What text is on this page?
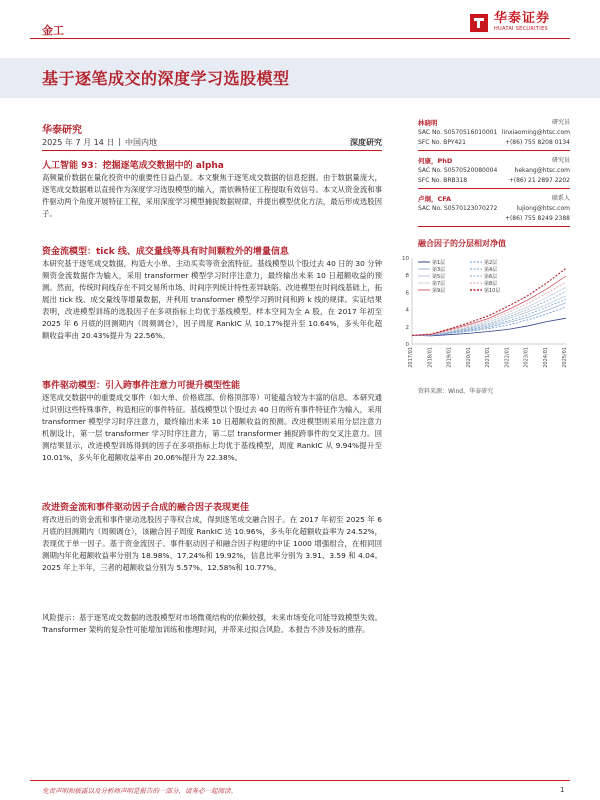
金工
华泰证券
HUATAI SECURITIES
基于逐笔成交的深度学习选股模型
华泰研究
2025 年 7 月 14 日 | 中国内地	深度研究
人工智能 93：挖掘逐笔成交数据中的 alpha
高频量价数据在量化投资中的重要性日益凸显。本文聚焦于逐笔成交数据的信息挖掘。由于数据量庞大，逐笔成交数据难以直接作为深度学习选股模型的输入，需依赖特征工程提取有效信号。本文从资金流和事件驱动两个角度开展特征工程，采用深度学习模型捕捉数据规律，并提出模型优化方法，最后形成选股因子。
资金流模型：tick 线、成交量线等具有时间颗粒外的增量信息
本研究基于逐笔成交数据，构造大小单、主动买卖等资金流特征。基线模型以个股过去 40 日的 30 分钟频资金流数据作为输入，采用 transformer 模型学习时序注意力，最终输出未来 10 日超额收益的预测。然而，传统时间线存在不同交易所市场、时间序列统计特性差异缺陷。改进模型在时间线基础上，拓展出 tick 线、成交量线等增量数据，并利用 transformer 模型学习跨时间和跨 k 线的规律。实证结果表明，改进模型训练的选股因子在多项指标上均优于基线模型。样本空间为全 A 股，在 2017 年初至 2025 年 6 月底的回测期内（周频调仓），因子周度 RankIC 从 10.17%提升至 10.64%，多头年化超额收益率由 20.43%提升为 22.56%。
事件驱动模型：引入跨事件注意力可提升模型性能
逐笔成交数据中的重要成交事件（如大单、价格底部、价格顶部等）可能蕴含较为丰富的信息。本研究通过识别这些特殊事件，构造相应的事件特征。基线模型以个股过去 40 日的所有事件特征作为输入，采用 transformer 模型学习时序注意力，最终输出未来 10 日超额收益的预测。改进模型则采用分层注意力机制设计，第一层 transformer 学习时序注意力，第二层 transformer 捕捉跨事件的交叉注意力。回测结果显示，改进模型训练得到的因子在多项指标上均优于基线模型，周度 RankIC 从 9.94%提升至 10.01%，多头年化超额收益率由 20.06%提升为 22.38%。
改进资金流和事件驱动因子合成的融合因子表现更佳
将改进后的资金流和事件驱动选股因子等权合成，得到逐笔成交融合因子。在 2017 年初至 2025 年 6 月底的回测期内（周频调仓），该融合因子周度 RankIC 达 10.96%，多头年化超额收益率为 24.52%，表现优于单一因子。基于资金流因子、事件驱动因子和融合因子构建的中证 1000 增强组合，在相同回测期内年化超额收益率分别为 18.98%、17.24%和 19.92%，信息比率分别为 3.91、3.59 和 4.04。2025 年上半年，三者的超额收益分别为 5.57%、12.58%和 10.77%。
风险提示：基于逐笔成交数据的选股模型对市场微观结构的依赖较强，未来市场变化可能导致模型失效。Transformer 架构的复杂性可能增加训练和推理时间，并带来过拟合风险。本报告不涉及标的推荐。
林晓明	研究员
SAC No. S0570516010001 linxiaoming@htsc.com
SFC No. BPY421	+(86) 755 8208 0134
何康，PhD	研究员
SAC No. S0570520080004	hekang@htsc.com
SFC No. BRB318	+(86) 21 2897 2202
卢炯，CFA	联系人
SAC No. S0570123070272	lujiong@htsc.com
+(86) 755 8249 2388
融合因子的分层相对净值
0
2
4
6
8
10
2017/01	2018/01	2019/01	2020/01	2021/01	2022/01	2023/01	2024/01	2025/01
第1层	第2层
第3层	第4层
第5层	第6层
第7层	第8层
第9层	第10层
资料来源：Wind，华泰研究
免责声明和披露以及分析师声明是报告的一部分，请务必一起阅读。	1
